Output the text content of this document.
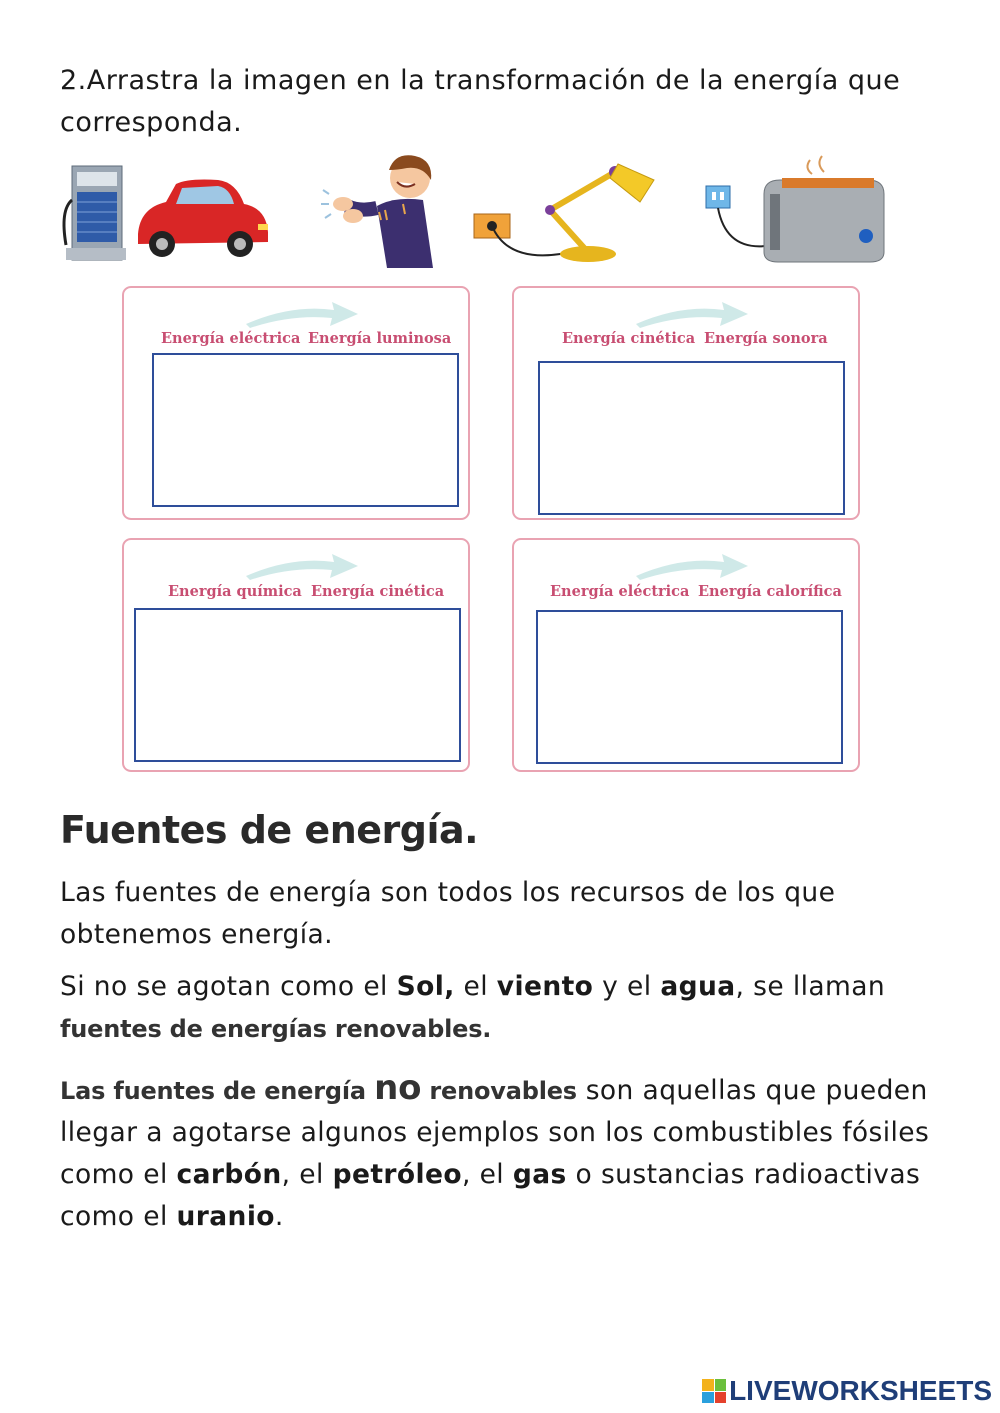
2.Arrastra la imagen en la transformación de la energía que corresponda.
Energía eléctrica Energía luminosa	Energía cinética Energía sonora
Energía química Energía cinética	Energía eléctrica Energía calorífica
Fuentes de energía.
Las fuentes de energía son todos los recursos de los que obtenemos energía.
Si no se agotan como el Sol, el viento y el agua, se llaman
fuentes de energías renovables.
Las fuentes de energía no renovables son aquellas que pueden llegar a agotarse algunos ejemplos son los combustibles fósiles como el carbón, el petróleo, el gas o sustancias radioactivas como el uranio.
LIVEWORKSHEETS
